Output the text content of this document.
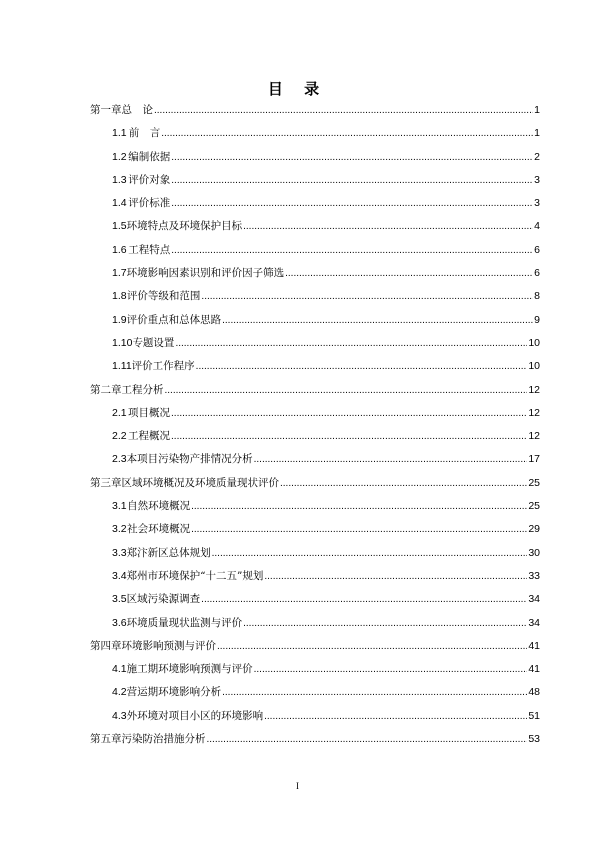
目 录
第一章 总　论 .....	1
1.1 前　言 .....	1
1.2 编制依据 .....	2
1.3 评价对象 .....	3
1.4 评价标准 .....	3
1.5 环境特点及环境保护目标 .....	4
1.6 工程特点 .....	6
1.7 环境影响因素识别和评价因子筛选 .....	6
1.8 评价等级和范围 .....	8
1.9 评价重点和总体思路 .....	9
1.10 专题设置 .....	10
1.11 评价工作程序 .....	10
第二章 工程分析 .....	12
2.1 项目概况 .....	12
2.2 工程概况 .....	12
2.3 本项目污染物产排情况分析 .....	17
第三章 区域环境概况及环境质量现状评价 .....	25
3.1 自然环境概况 .....	25
3.2 社会环境概况 .....	29
3.3 郑汴新区总体规划 .....	30
3.4 郑州市环境保护“十二五”规划 .....	33
3.5 区域污染源调查 .....	34
3.6 环境质量现状监测与评价 .....	34
第四章 环境影响预测与评价 .....	41
4.1 施工期环境影响预测与评价 .....	41
4.2 营运期环境影响分析 .....	48
4.3 外环境对项目小区的环境影响 .....	51
第五章 污染防治措施分析 .....	53
I
